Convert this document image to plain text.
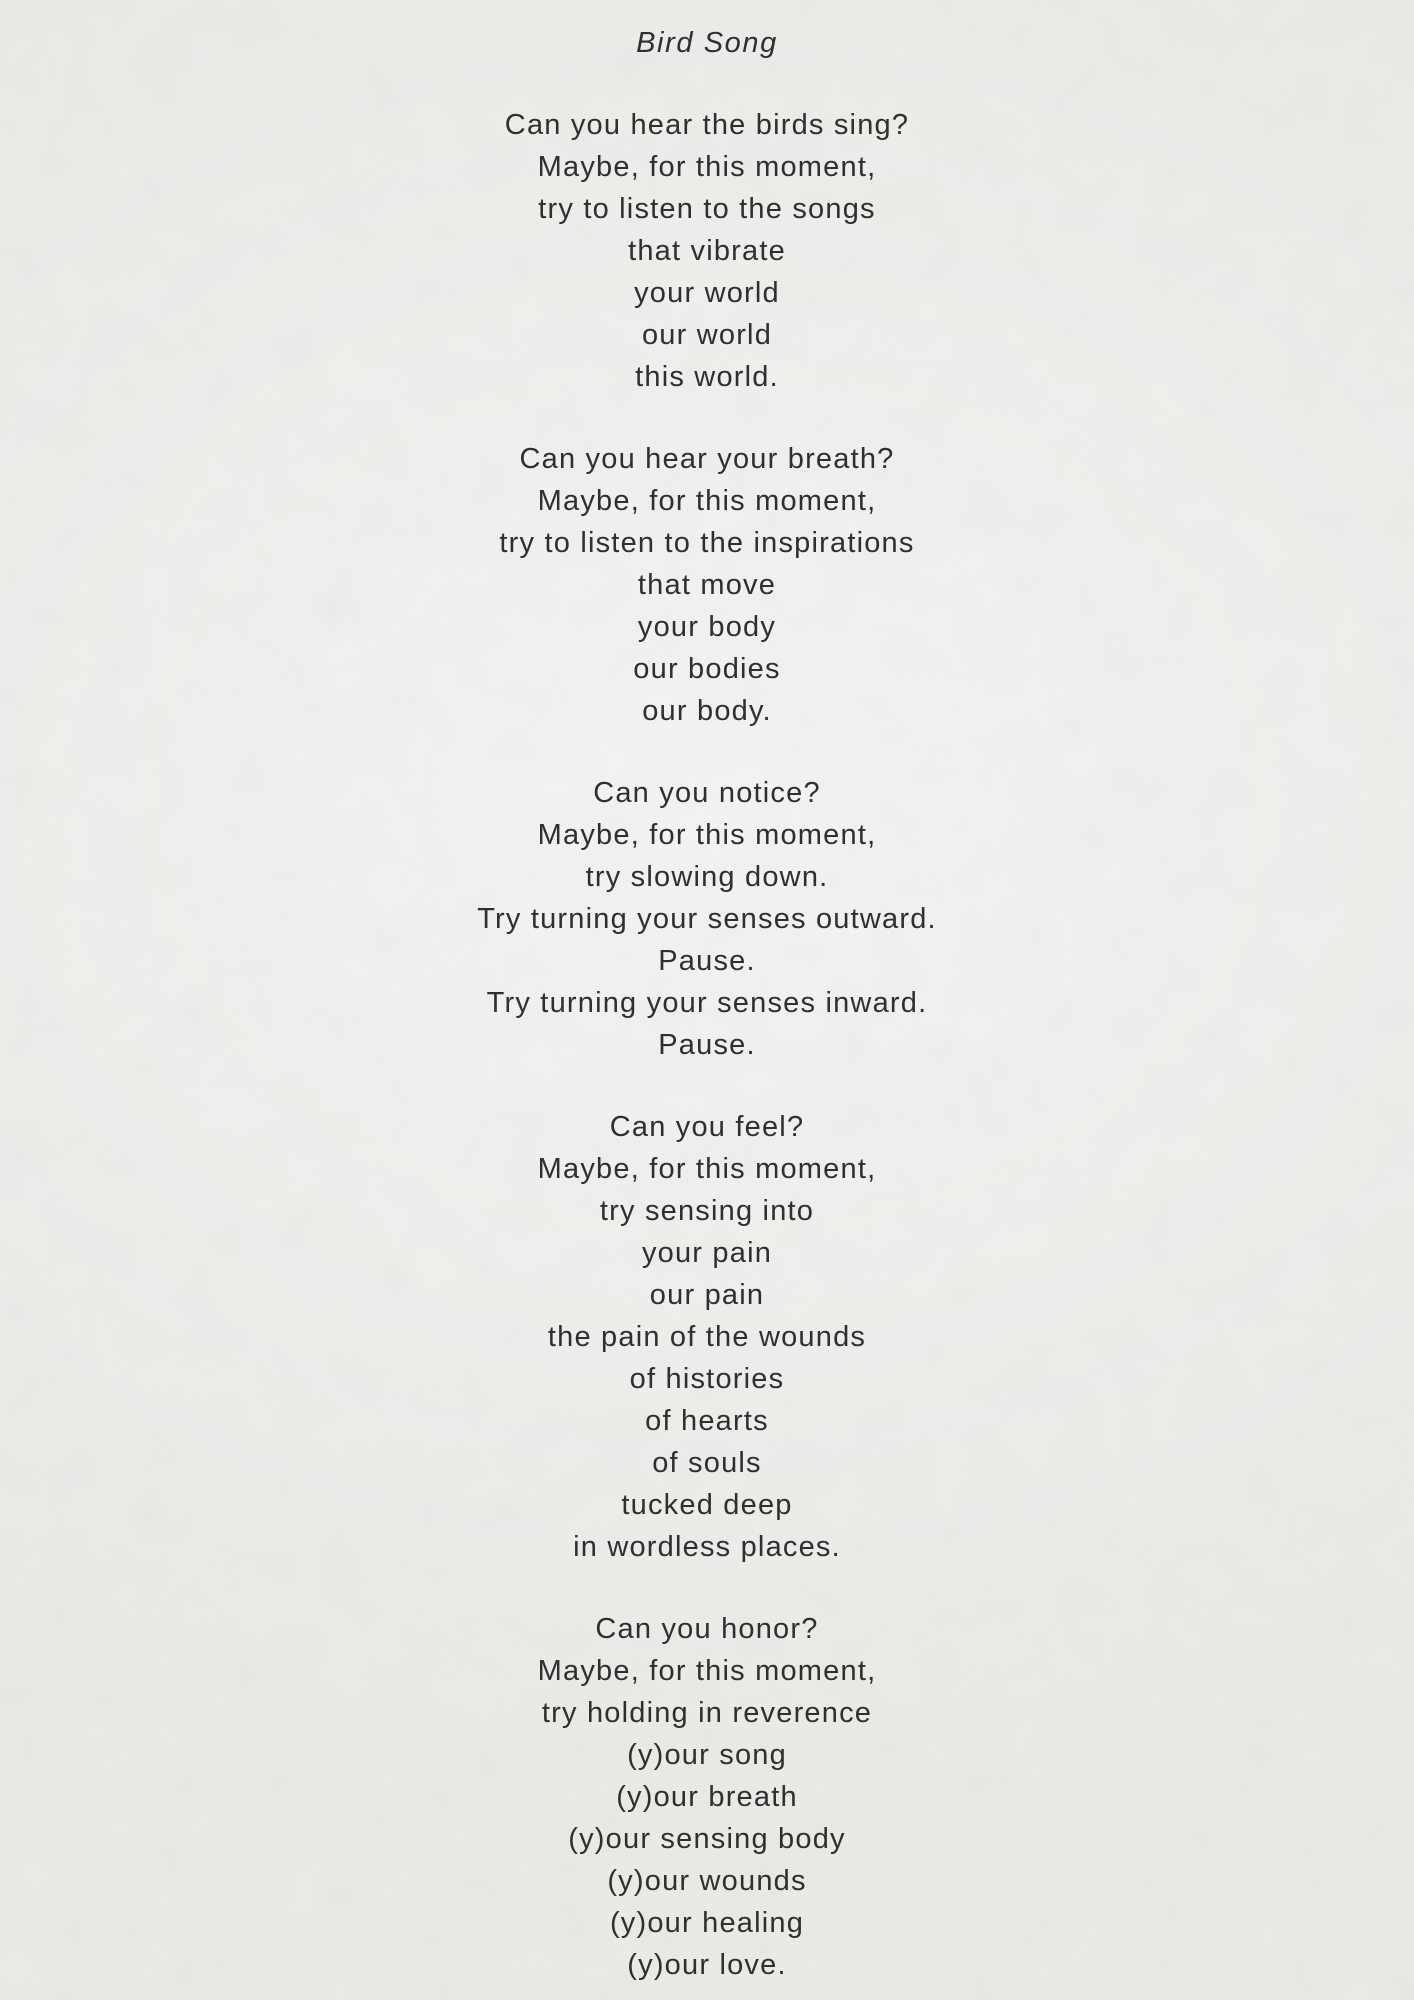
Bird Song
Can you hear the birds sing?
Maybe, for this moment,
try to listen to the songs
that vibrate
your world
our world
this world.
Can you hear your breath?
Maybe, for this moment,
try to listen to the inspirations
that move
your body
our bodies
our body.
Can you notice?
Maybe, for this moment,
try slowing down.
Try turning your senses outward.
Pause.
Try turning your senses inward.
Pause.
Can you feel?
Maybe, for this moment,
try sensing into
your pain
our pain
the pain of the wounds
of histories
of hearts
of souls
tucked deep
in wordless places.
Can you honor?
Maybe, for this moment,
try holding in reverence
(y)our song
(y)our breath
(y)our sensing body
(y)our wounds
(y)our healing
(y)our love.
